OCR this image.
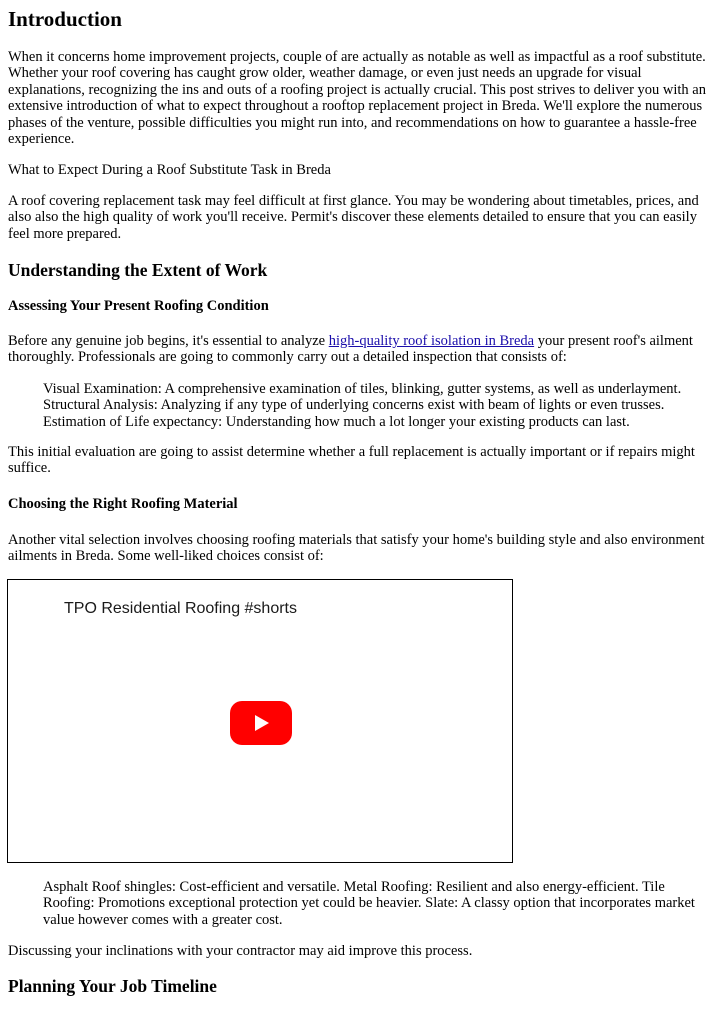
Introduction

When it concerns home improvement projects, couple of are actually as notable as well as impactful as a roof substitute. Whether your roof covering has caught grow older, weather damage, or even just needs an upgrade for visual explanations, recognizing the ins and outs of a roofing project is actually crucial. This post strives to deliver you with an extensive introduction of what to expect throughout a rooftop replacement project in Breda. We'll explore the numerous phases of the venture, possible difficulties you might run into, and recommendations on how to guarantee a hassle-free experience.

What to Expect During a Roof Substitute Task in Breda

A roof covering replacement task may feel difficult at first glance. You may be wondering about timetables, prices, and also also the high quality of work you'll receive. Permit's discover these elements detailed to ensure that you can easily feel more prepared.

Understanding the Extent of Work
Assessing Your Present Roofing Condition

Before any genuine job begins, it's essential to analyze high-quality roof isolation in Breda your present roof's ailment thoroughly. Professionals are going to commonly carry out a detailed inspection that consists of:

Visual Examination: A comprehensive examination of tiles, blinking, gutter systems, as well as underlayment.
Structural Analysis: Analyzing if any type of underlying concerns exist with beam of lights or even trusses.
Estimation of Life expectancy: Understanding how much a lot longer your existing products can last.

This initial evaluation are going to assist determine whether a full replacement is actually important or if repairs might suffice.

Choosing the Right Roofing Material

Another vital selection involves choosing roofing materials that satisfy your home's building style and also environment ailments in Breda. Some well-liked choices consist of:

TPO Residential Roofing #shorts
Asphalt Roof shingles: Cost-efficient and versatile. Metal Roofing: Resilient and also energy-efficient. Tile Roofing: Promotions exceptional protection yet could be heavier. Slate: A classy option that incorporates market value however comes with a greater cost.

Discussing your inclinations with your contractor may aid improve this process.

Planning Your Job Timeline
